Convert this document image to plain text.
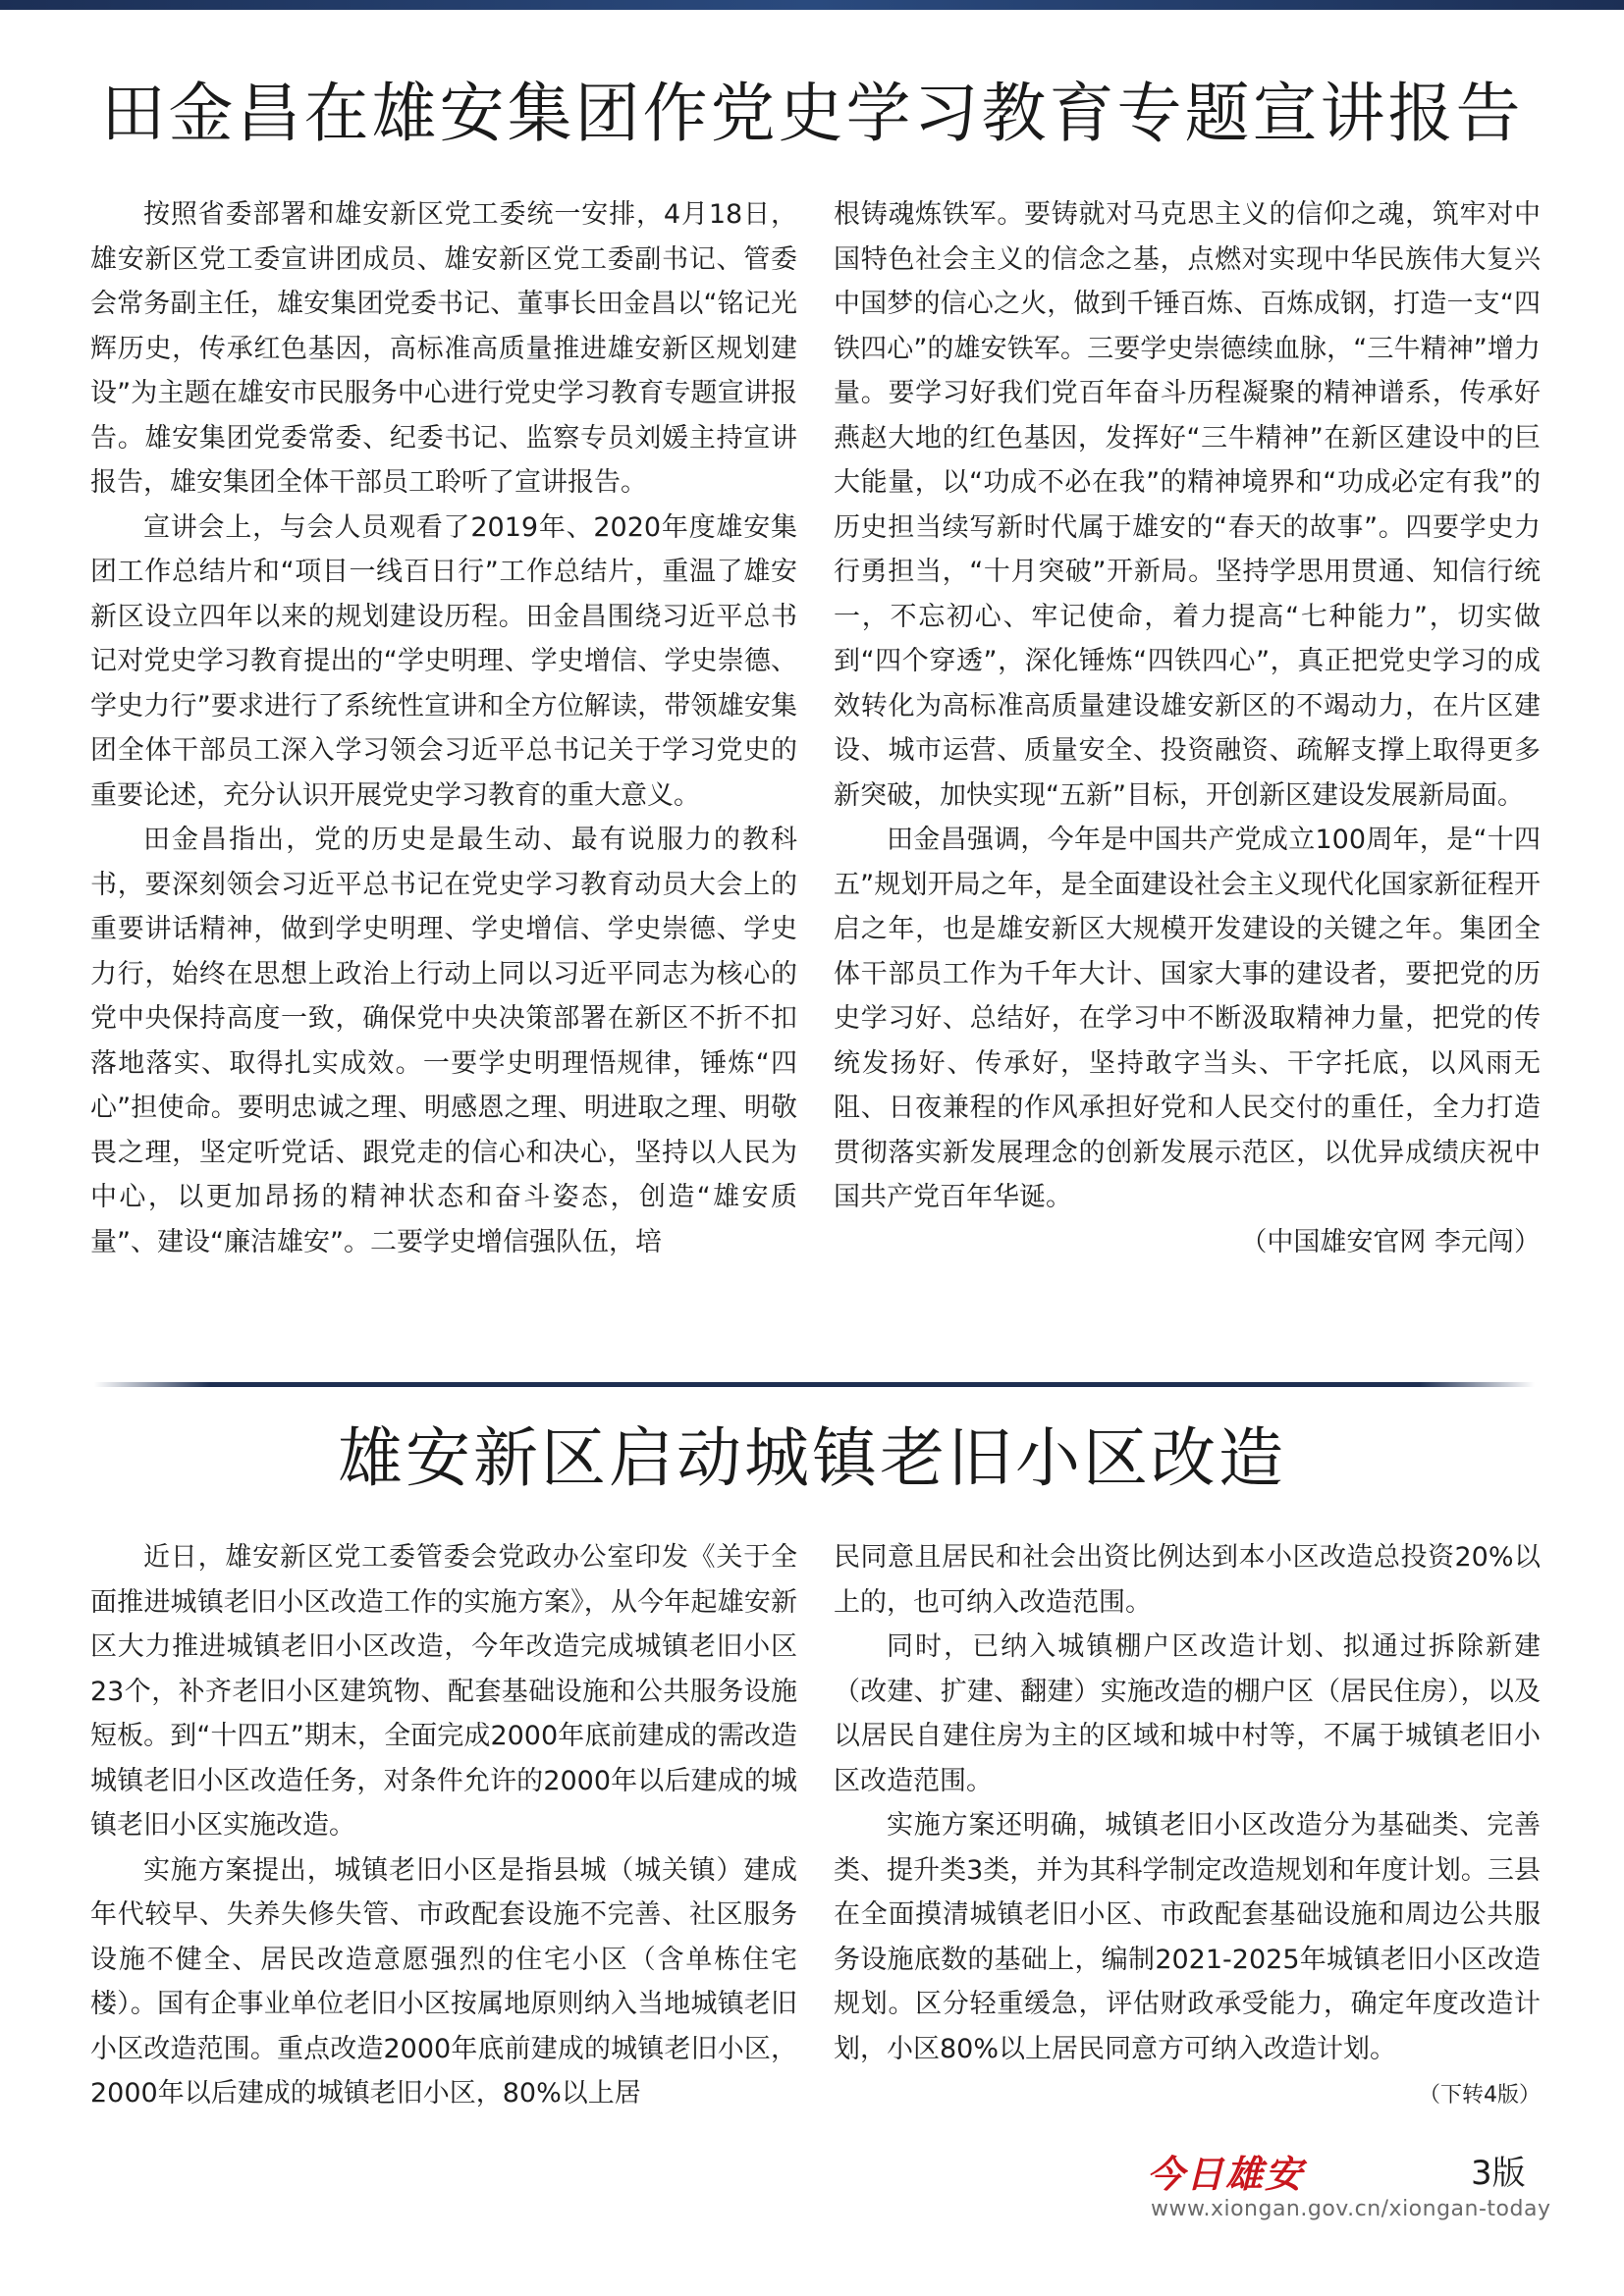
田金昌在雄安集团作党史学习教育专题宣讲报告

按照省委部署和雄安新区党工委统一安排，4月18日，雄安新区党工委宣讲团成员、雄安新区党工委副书记、管委会常务副主任，雄安集团党委书记、董事长田金昌以“铭记光辉历史，传承红色基因，高标准高质量推进雄安新区规划建设”为主题在雄安市民服务中心进行党史学习教育专题宣讲报告。雄安集团党委常委、纪委书记、监察专员刘媛主持宣讲报告，雄安集团全体干部员工聆听了宣讲报告。

宣讲会上，与会人员观看了2019年、2020年度雄安集团工作总结片和“项目一线百日行”工作总结片，重温了雄安新区设立四年以来的规划建设历程。田金昌围绕习近平总书记对党史学习教育提出的“学史明理、学史增信、学史崇德、学史力行”要求进行了系统性宣讲和全方位解读，带领雄安集团全体干部员工深入学习领会习近平总书记关于学习党史的重要论述，充分认识开展党史学习教育的重大意义。

田金昌指出，党的历史是最生动、最有说服力的教科书，要深刻领会习近平总书记在党史学习教育动员大会上的重要讲话精神，做到学史明理、学史增信、学史崇德、学史力行，始终在思想上政治上行动上同以习近平同志为核心的党中央保持高度一致，确保党中央决策部署在新区不折不扣落地落实、取得扎实成效。一要学史明理悟规律，锤炼“四心”担使命。要明忠诚之理、明感恩之理、明进取之理、明敬畏之理，坚定听党话、跟党走的信心和决心，坚持以人民为中心，以更加昂扬的精神状态和奋斗姿态，创造“雄安质量”、建设“廉洁雄安”。二要学史增信强队伍，培

根铸魂炼铁军。要铸就对马克思主义的信仰之魂，筑牢对中国特色社会主义的信念之基，点燃对实现中华民族伟大复兴中国梦的信心之火，做到千锤百炼、百炼成钢，打造一支“四铁四心”的雄安铁军。三要学史崇德续血脉，“三牛精神”增力量。要学习好我们党百年奋斗历程凝聚的精神谱系，传承好燕赵大地的红色基因，发挥好“三牛精神”在新区建设中的巨大能量，以“功成不必在我”的精神境界和“功成必定有我”的历史担当续写新时代属于雄安的“春天的故事”。四要学史力行勇担当，“十月突破”开新局。坚持学思用贯通、知信行统一，不忘初心、牢记使命，着力提高“七种能力”，切实做到“四个穿透”，深化锤炼“四铁四心”，真正把党史学习的成效转化为高标准高质量建设雄安新区的不竭动力，在片区建设、城市运营、质量安全、投资融资、疏解支撑上取得更多新突破，加快实现“五新”目标，开创新区建设发展新局面。

田金昌强调，今年是中国共产党成立100周年，是“十四五”规划开局之年，是全面建设社会主义现代化国家新征程开启之年，也是雄安新区大规模开发建设的关键之年。集团全体干部员工作为千年大计、国家大事的建设者，要把党的历史学习好、总结好，在学习中不断汲取精神力量，把党的传统发扬好、传承好，坚持敢字当头、干字托底，以风雨无阻、日夜兼程的作风承担好党和人民交付的重任，全力打造贯彻落实新发展理念的创新发展示范区，以优异成绩庆祝中国共产党百年华诞。

（中国雄安官网 李元闯）

雄安新区启动城镇老旧小区改造

近日，雄安新区党工委管委会党政办公室印发《关于全面推进城镇老旧小区改造工作的实施方案》，从今年起雄安新区大力推进城镇老旧小区改造，今年改造完成城镇老旧小区23个，补齐老旧小区建筑物、配套基础设施和公共服务设施短板。到“十四五”期末，全面完成2000年底前建成的需改造城镇老旧小区改造任务，对条件允许的2000年以后建成的城镇老旧小区实施改造。

实施方案提出，城镇老旧小区是指县城（城关镇）建成年代较早、失养失修失管、市政配套设施不完善、社区服务设施不健全、居民改造意愿强烈的住宅小区（含单栋住宅楼）。国有企事业单位老旧小区按属地原则纳入当地城镇老旧小区改造范围。重点改造2000年底前建成的城镇老旧小区，2000年以后建成的城镇老旧小区，80%以上居

民同意且居民和社会出资比例达到本小区改造总投资20%以上的，也可纳入改造范围。

同时，已纳入城镇棚户区改造计划、拟通过拆除新建（改建、扩建、翻建）实施改造的棚户区（居民住房），以及以居民自建住房为主的区域和城中村等，不属于城镇老旧小区改造范围。

实施方案还明确，城镇老旧小区改造分为基础类、完善类、提升类3类，并为其科学制定改造规划和年度计划。三县在全面摸清城镇老旧小区、市政配套基础设施和周边公共服务设施底数的基础上，编制2021-2025年城镇老旧小区改造规划。区分轻重缓急，评估财政承受能力，确定年度改造计划，小区80%以上居民同意方可纳入改造计划。

（下转4版）

今日雄安	3版
www.xiongan.gov.cn/xiongan-today
